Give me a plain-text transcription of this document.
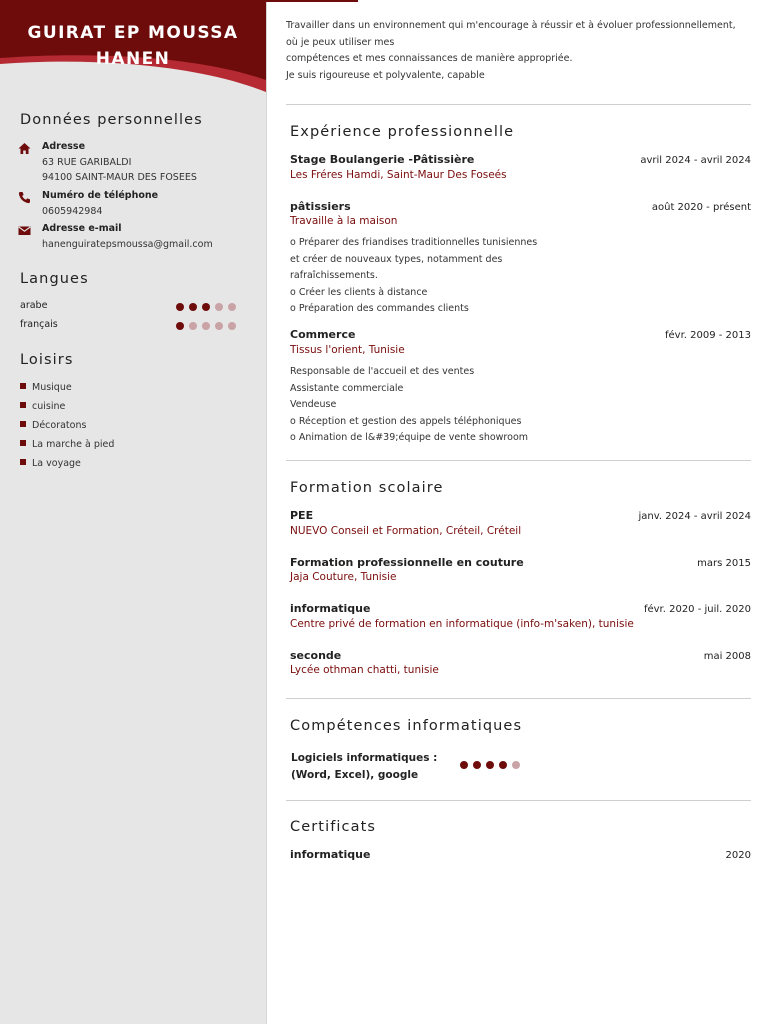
GUIRAT EP MOUSSA
HANEN
Données personnelles
Adresse
63 RUE GARIBALDI
94100 SAINT-MAUR DES FOSEES
Numéro de téléphone
0605942984
Adresse e-mail
hanenguiratepsmoussa@gmail.com
Langues
arabe
français
Loisirs
Musique
cuisine
Décoratons
La marche à pied
La voyage
Travailler dans un environnement qui m'encourage à réussir et à évoluer professionnellement,
où je peux utiliser mes
compétences et mes connaissances de manière appropriée.
Je suis rigoureuse et polyvalente, capable
Expérience professionnelle
Stage Boulangerie -Pâtissière	avril 2024 - avril 2024
Les Fréres Hamdi, Saint-Maur Des Foseés
pâtissiers	août 2020 - présent
Travaille à la maison
o Préparer des friandises traditionnelles tunisiennes
et créer de nouveaux types, notamment des
rafraîchissements.
o Créer les clients à distance
o Préparation des commandes clients
Commerce	févr. 2009 - 2013
Tissus l'orient, Tunisie
Responsable de l'accueil et des ventes
Assistante commerciale
Vendeuse
o Réception et gestion des appels téléphoniques
o Animation de l&#39;équipe de vente showroom
Formation scolaire
PEE	janv. 2024 - avril 2024
NUEVO Conseil et Formation, Créteil, Créteil
Formation professionnelle en couture	mars 2015
Jaja Couture, Tunisie
informatique	févr. 2020 - juil. 2020
Centre privé de formation en informatique (info-m'saken), tunisie
seconde	mai 2008
Lycée othman chatti, tunisie
Compétences informatiques
Logiciels informatiques :
(Word, Excel), google
Certificats
informatique	2020
